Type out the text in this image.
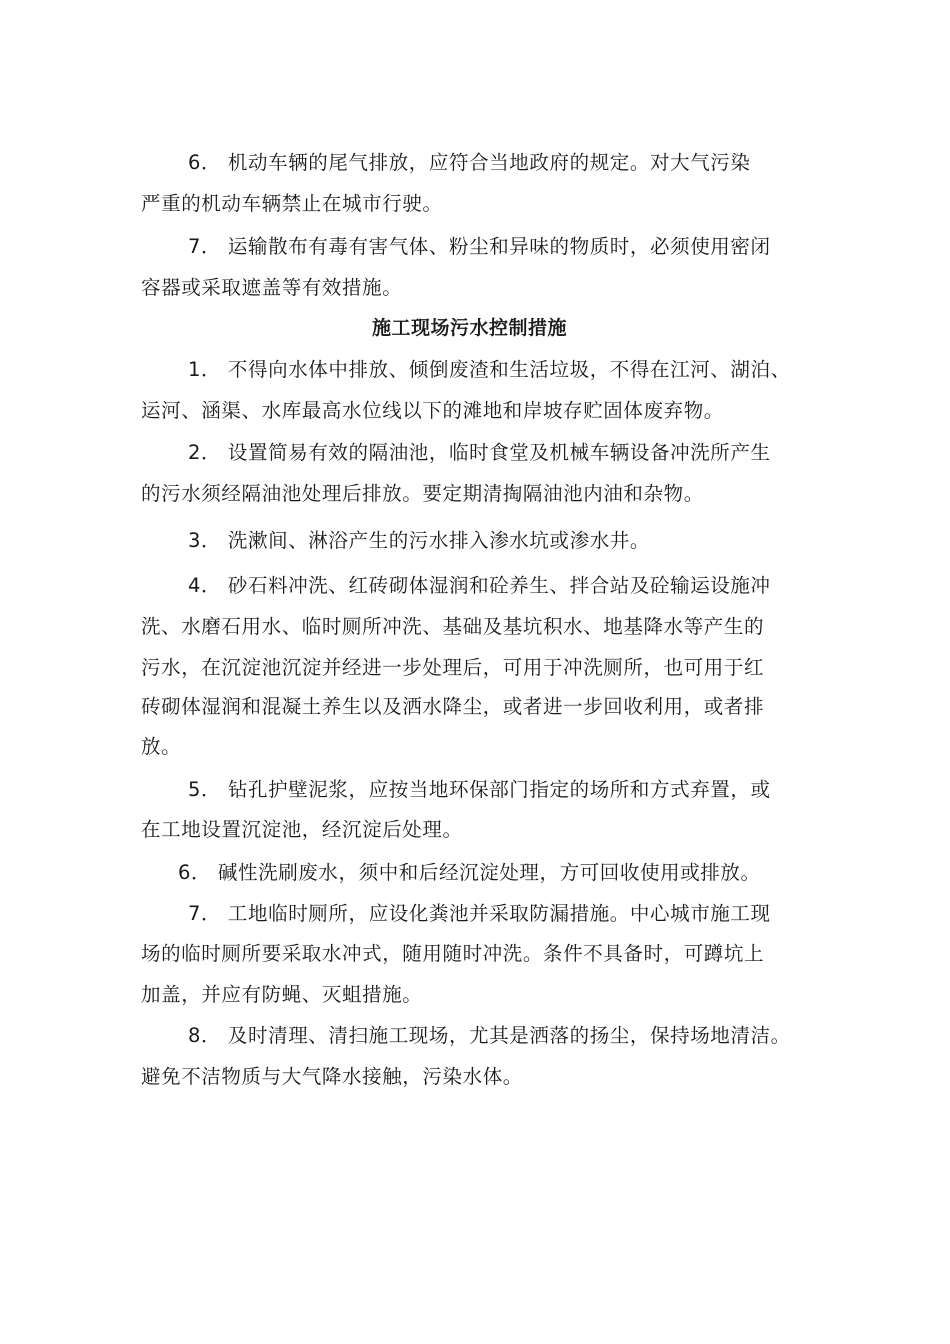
6． 机动车辆的尾气排放，应符合当地政府的规定。对大气污染
严重的机动车辆禁止在城市行驶。
7． 运输散布有毒有害气体、粉尘和异味的物质时，必须使用密闭
容器或采取遮盖等有效措施。
施工现场污水控制措施
1． 不得向水体中排放、倾倒废渣和生活垃圾，不得在江河、湖泊、
运河、涵渠、水库最高水位线以下的滩地和岸坡存贮固体废弃物。
2． 设置简易有效的隔油池，临时食堂及机械车辆设备冲洗所产生
的污水须经隔油池处理后排放。要定期清掏隔油池内油和杂物。
3． 洗漱间、淋浴产生的污水排入渗水坑或渗水井。
4． 砂石料冲洗、红砖砌体湿润和砼养生、拌合站及砼输运设施冲
洗、水磨石用水、临时厕所冲洗、基础及基坑积水、地基降水等产生的
污水，在沉淀池沉淀并经进一步处理后，可用于冲洗厕所，也可用于红
砖砌体湿润和混凝土养生以及洒水降尘，或者进一步回收利用，或者排
放。
5． 钻孔护壁泥浆，应按当地环保部门指定的场所和方式弃置，或
在工地设置沉淀池，经沉淀后处理。
6． 碱性洗刷废水，须中和后经沉淀处理，方可回收使用或排放。
7． 工地临时厕所，应设化粪池并采取防漏措施。中心城市施工现
场的临时厕所要采取水冲式，随用随时冲洗。条件不具备时，可蹲坑上
加盖，并应有防蝇、灭蛆措施。
8． 及时清理、清扫施工现场，尤其是洒落的扬尘，保持场地清洁。
避免不洁物质与大气降水接触，污染水体。
